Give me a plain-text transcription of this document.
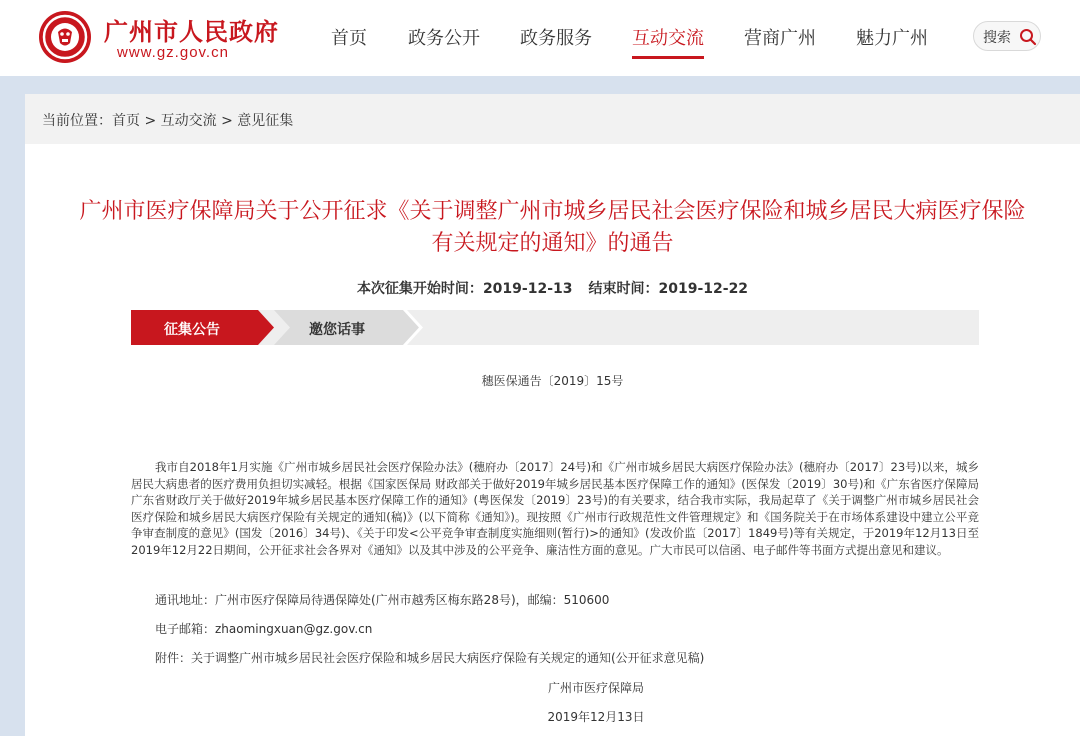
广州市人民政府
www.gz.gov.cn
首页 政务公开 政务服务 互动交流 营商广州 魅力广州	搜索
当前位置：首页 > 互动交流 > 意见征集
广州市医疗保障局关于公开征求《关于调整广州市城乡居民社会医疗保险和城乡居民大病医疗保险
有关规定的通知》的通告
本次征集开始时间：2019-12-13 结束时间：2019-12-22
征集公告	邀您话事
穗医保通告〔2019〕15号
我市自2018年1月实施《广州市城乡居民社会医疗保险办法》(穗府办〔2017〕24号)和《广州市城乡居民大病医疗保险办法》(穗府办〔2017〕23号)以来，城乡居民大病患者的医疗费用负担切实减轻。根据《国家医保局 财政部关于做好2019年城乡居民基本医疗保障工作的通知》(医保发〔2019〕30号)和《广东省医疗保障局 广东省财政厅关于做好2019年城乡居民基本医疗保障工作的通知》(粤医保发〔2019〕23号)的有关要求，结合我市实际，我局起草了《关于调整广州市城乡居民社会医疗保险和城乡居民大病医疗保险有关规定的通知(稿)》(以下简称《通知》)。现按照《广州市行政规范性文件管理规定》和《国务院关于在市场体系建设中建立公平竞争审查制度的意见》(国发〔2016〕34号)、《关于印发<公平竞争审查制度实施细则(暂行)>的通知》(发改价监〔2017〕1849号)等有关规定，于2019年12月13日至2019年12月22日期间，公开征求社会各界对《通知》以及其中涉及的公平竞争、廉洁性方面的意见。广大市民可以信函、电子邮件等书面方式提出意见和建议。
通讯地址：广州市医疗保障局待遇保障处(广州市越秀区梅东路28号)，邮编：510600
电子邮箱：zhaomingxuan@gz.gov.cn
附件：关于调整广州市城乡居民社会医疗保险和城乡居民大病医疗保险有关规定的通知(公开征求意见稿)
广州市医疗保障局
2019年12月13日
